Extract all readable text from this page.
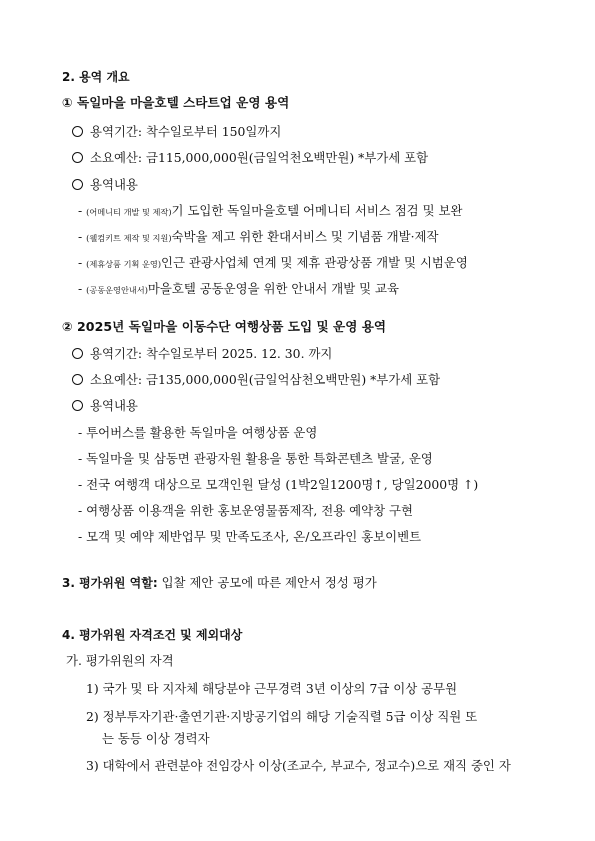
2. 용역 개요
① 독일마을 마을호텔 스타트업 운영 용역
용역기간: 착수일로부터 150일까지
소요예산: 금115,000,000원(금일억천오백만원) *부가세 포함
용역내용
- (어메니티 개발 및 제작)기 도입한 독일마을호텔 어메니티 서비스 점검 및 보완
- (웰컴키트 제작 및 지원)숙박율 제고 위한 환대서비스 및 기념품 개발·제작
- (제휴상품 기획 운영)인근 관광사업체 연계 및 제휴 관광상품 개발 및 시범운영
- (공동운영안내서)마을호텔 공동운영을 위한 안내서 개발 및 교육
② 2025년 독일마을 이동수단 여행상품 도입 및 운영 용역
용역기간: 착수일로부터 2025. 12. 30. 까지
소요예산: 금135,000,000원(금일억삼천오백만원) *부가세 포함
용역내용
- 투어버스를 활용한 독일마을 여행상품 운영
- 독일마을 및 삼동면 관광자원 활용을 통한 특화콘텐츠 발굴, 운영
- 전국 여행객 대상으로 모객인원 달성 (1박2일1200명↑, 당일2000명 ↑)
- 여행상품 이용객을 위한 홍보운영물품제작, 전용 예약창 구현
- 모객 및 예약 제반업무 및 만족도조사, 온/오프라인 홍보이벤트
3. 평가위원 역할: 입찰 제안 공모에 따른 제안서 정성 평가
4. 평가위원 자격조건 및 제외대상
가. 평가위원의 자격
1) 국가 및 타 지자체 해당분야 근무경력 3년 이상의 7급 이상 공무원
2) 정부투자기관·출연기관·지방공기업의 해당 기술직렬 5급 이상 직원 또
는 동등 이상 경력자
3) 대학에서 관련분야 전임강사 이상(조교수, 부교수, 정교수)으로 재직 중인 자
